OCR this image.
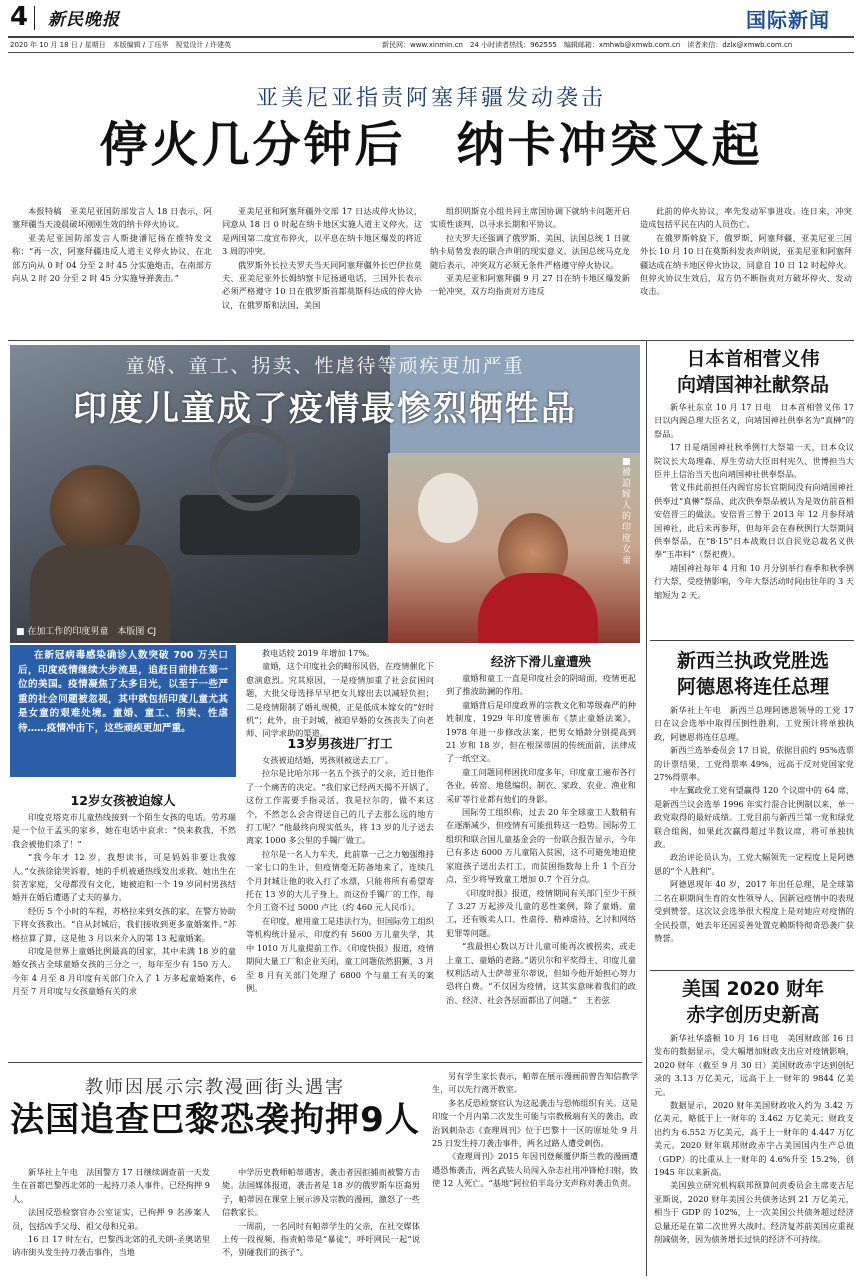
4 新民晚报	国际新闻
2020 年 10 月 18 日 / 星期日　本版编辑 / 丁珏华　视觉设计 / 许建英	新民网：www.xinmin.cn　24 小时读者热线：962555　编辑邮箱：xmhwb@xmwb.com.cn　读者来信：dzlx@xmwb.com.cn
亚美尼亚指责阿塞拜疆发动袭击
停火几分钟后　纳卡冲突又起

本报特稿　亚美尼亚国防部发言人 18 日表示，阿塞拜疆当天凌晨破坏刚刚生效的纳卡停火协议。

亚美尼亚国防部发言人斯捷潘尼扬在推特发文称：“再一次，阿塞拜疆违反人道主义停火协议，在北部方向从 0 时 04 分至 2 时 45 分实施炮击，在南部方向从 2 时 20 分至 2 时 45 分实施导弹袭击。”

亚美尼亚和阿塞拜疆外交部 17 日达成停火协议，同意从 18 日 0 时起在纳卡地区实施人道主义停火。这是两国第二度宣布停火，以平息在纳卡地区爆发的将近 3 周的冲突。

俄罗斯外长拉夫罗夫当天同阿塞拜疆外长巴伊拉莫夫、亚美尼亚外长姆纳察卡尼扬通电话，三国外长表示必须严格遵守 10 日在俄罗斯首都莫斯科达成的停火协议，在俄罗斯和法国、美国

组织明斯克小组共同主席国协调下就纳卡问题开启实质性谈判，以寻求长期和平协议。

拉夫罗夫还强调了俄罗斯、美国、法国总统 1 日就纳卡局势发表的联合声明的现实意义。法国总统马克龙随后表示，冲突双方必须无条件严格遵守停火协议。

亚美尼亚和阿塞拜疆 9 月 27 日在纳卡地区爆发新一轮冲突，双方均指责对方违反

此前的停火协议，率先发动军事进攻。连日来，冲突造成包括平民在内的人员伤亡。

在俄罗斯斡旋下，俄罗斯、阿塞拜疆、亚美尼亚三国外长 10 月 10 日在莫斯科发表声明说，亚美尼亚和阿塞拜疆达成在纳卡地区停火协议，同意自 10 日 12 时起停火。但停火协议生效后，双方仍不断指责对方破坏停火、发动攻击。

童婚、童工、拐卖、性虐待等顽疾更加严重
印度儿童成了疫情最惨烈牺牲品
■ 在加工作的印度男童　本版图 CJ
■ 被迫嫁人的印度女童
在新冠病毒感染确诊人数突破 700 万关口后，印度疫情继续大步流星，追赶目前排在第一位的美国。疫情凝焦了太多目光，以至于一些严重的社会问题被忽视，其中就包括印度儿童尤其是女童的艰难处境。童婚、童工、拐卖、性虐待……疫情冲击下，这些顽疾更加严重。
12岁女孩被迫嫁人

印度克塔克市儿童热线接到一个陌生女孩的电话。劳苏瑞是一个位于孟买的家乡，她在电话中哀求：“快来救我，不然我会被他们杀了！”

“我今年才 12 岁，我想读书，可是妈妈非要让我嫁人。”女孩徐徐哭诉着，她的手机被通热线发出求救。她出生在贫苦家庭，父母都没有文化，她被迫和一个 19 岁同村男孩结婚并在婚后遭遇了丈夫的暴力。

经历 5 个小时的车程，苏格拉来到女孩的家，在警方协助下将女孩救出。“自从封城后，我们接收到更多童婚案件。”苏格拉算了算，这是他 3 月以来介入的第 13 起童婚案。

印度是世界上童婚比例最高的国家，其中未满 18 岁的童婚女孩占全球童婚女孩的三分之一，每年至少有 150 万人。今年 4 月至 8 月印度有关部门介入了 1 万多起童婚案件，6 月至 7 月印度与女孩童婚有关的求

救电话较 2019 年增加 17%。

童婚，这个印度社会的畸形风俗，在疫情催化下愈演愈烈。究其原因，一是疫情加重了社会贫困问题，大批父母选择早早把女儿嫁出去以减轻负担；二是疫情限制了婚礼规模，正是低成本嫁女的“好时机”；此外，由于封城，被迫早婚的女孩丧失了向老师、同学求助的渠道。

13岁男孩进厂打工

女孩被迫结婚，男孩则被送去工厂。

拉尔是比哈尔邦一名五个孩子的父亲，近日他作了一个痛苦的决定。“我们家已经两天揭不开锅了，这份工作需要手指灵活，我是拉尔的，做不来这个，不然怎么会舍得送自己的儿子去那么远的地方打工呢？”他最终向现实低头，将 13 岁的儿子送去离家 1000 多公里的手镯厂做工。

拉尔是一名人力车夫，此前靠一己之力勉强维持一家七口的生计，但疫情毫无防备地来了，连续几个月封城让他的收入打了水漂，只能将所有希望寄托在 13 岁的大儿子身上。而这份手镯厂的工作，每个月工资不过 5000 卢比（约 460 元人民币）。

在印度，雇用童工是违法行为，但国际劳工组织等机构统计显示，印度约有 5600 万儿童失学，其中 1010 万儿童提前工作。《印度快报》报道，疫情期间大量工厂和企业关闭，童工问题依然猖獗，3 月至 8 月有关部门处理了 6800 个与童工有关的案例。

经济下滑儿童遭殃

童婚和童工一直是印度社会的阴暗面，疫情更起到了推波助澜的作用。

童婚背后是印度政界的宗教文化和等级森严的种姓制度，1929 年印度曾颁布《禁止童婚法案》，1978 年进一步修改法案，把男女婚龄分别提高到 21 岁和 18 岁，但在根深蒂固的传统面前，法律成了一纸空文。

童工问题同样困扰印度多年，印度童工遍布各行各业，砖窑、地毯编织、制衣、家政、农业、渔业和采矿等行业都有他们的身影。

国际劳工组织称，过去 20 年全球童工人数稍有在逐渐减少，但疫情有可能扭转这一趋势。国际劳工组织和联合国儿童基金会的一份联合报告显示，今年已有多达 6000 万儿童陷入贫困，这不可避免地迫使家庭孩子送出去打工，而贫困指数每上升 1 个百分点，至少将导致童工增加 0.7 个百分点。

《印度时报》报道，疫情期间有关部门至少干预了 3.27 万起涉及儿童的恶性案例，除了童婚、童工，还有贩卖人口、性虐待、精神虐待、乞讨和网络犯罪等问题。

“我最担心数以万计儿童可能再次被拐卖，或走上童工、童婚的老路。”诺贝尔和平奖得主、印度儿童权利活动人士萨蒂亚尔蒂说，但如今他开始担心努力恐将白费。“不仅因为疫情，这其实意味着我们的政治、经济、社会各层面都出了问题。”　王若弦

教师因展示宗教漫画街头遇害
法国追查巴黎恐袭拘押9人

新华社上午电　法国警方 17 日继续调查前一天发生在首都巴黎西北郊的一起持刀杀人事件，已经拘押 9 人。

法国反恐检察官办公室证实，已拘押 9 名涉案人员，包括凶手父母、祖父母和兄弟。

16 日 17 时左右，巴黎西北郊的孔夫朗-圣奥诺里讷市街头发生持刀袭击事件，当地

中学历史教师帕蒂遇害，袭击者因拒捕而被警方击毙。法国媒体报道，袭击者是 18 岁的俄罗斯车臣裔男子，帕蒂因在课堂上展示涉及宗教的漫画，激怒了一些信教家长。

一周前，一名同时有帕蒂学生的父亲，在社交媒体上传一段视频，指责帕蒂是“暴徒”，呼吁网民一起“说不，别碰我们的孩子”。

另有学生家长表示，帕蒂在展示漫画前曾告知信教学生，可以先行离开教室。

多名反恐检察官认为这起袭击与恐怖组织有关。这是印度一个月内第二次发生可能与宗教极端有关的袭击，政治讽刺杂志《查理周刊》位于巴黎十一区的原址处 9 月 25 日发生持刀袭击事件，两名过路人遭受刺伤。

《查理周刊》2015 年因刊登颠覆伊斯兰教的漫画遭遇恐怖袭击，两名武装人员闯入杂志社用冲锋枪扫射，致使 12 人死亡。“基地”阿拉伯半岛分支声称对袭击负责。

日本首相菅义伟
向靖国神社献祭品

新华社东京 10 月 17 日电　日本首相菅义伟 17 日以内阁总理大臣名义，向靖国神社供奉名为“真榊”的祭品。

17 日是靖国神社秋季例行大祭第一天，日本众议院议长大岛理森、厚生劳动大臣田村宪久、世博担当大臣井上信治当天也向靖国神社供奉祭品。

菅义伟此前担任内阁官房长官期间没有向靖国神社供奉过“真榊”祭品，此次供奉祭品被认为是效仿前首相安倍晋三的做法。安倍晋三曾于 2013 年 12 月参拜靖国神社，此后未再参拜，但每年会在春秋例行大祭期间供奉祭品，在“8·15”日本战败日以自民党总裁名义供奉“玉串料”（祭祀费）。

靖国神社每年 4 月和 10 月分别举行春季和秋季例行大祭，受疫情影响，今年大祭活动时间由往年的 3 天缩短为 2 天。

新西兰执政党胜选
阿德恩将连任总理

新华社上午电　新西兰总理阿德恩领导的工党 17 日在议会选举中取得压倒性胜利，工党预计将单独执政，阿德恩将连任总理。

新西兰选举委员会 17 日说，依据目前约 95%选票的计票结果，工党得票率 49%，远高于反对党国家党 27%得票率。

中左翼政党工党有望赢得 120 个议席中的 64 席，是新西兰议会选举 1996 年实行混合比例制以来，单一政党取得的最好成绩。工党目前与新西兰第一党和绿党联合组阁，如果此次赢得超过半数议席，将可单独执政。

政治评论员认为，工党大幅领先一定程度上是阿德恩的“个人胜利”。

阿德恩现年 40 岁，2017 年出任总理，是全球第二名在职期间生育的女性领导人，因新冠疫情中的表现受到赞誉。这次议会选举很大程度上是对她应对疫情的全民投票，她去年还因妥善处置克赖斯特彻奇恐袭广获赞誉。

美国 2020 财年
赤字创历史新高

新华社华盛顿 10 月 16 日电　美国财政部 16 日发布的数据显示，受大幅增加财政支出应对疫情影响，2020 财年（截至 9 月 30 日）美国财政赤字达到创纪录的 3.13 万亿美元，远高于上一财年的 9844 亿美元。

数据显示，2020 财年美国财政收入约为 3.42 万亿美元，略低于上一财年的 3.462 万亿美元；财政支出约为 6.552 万亿美元，高于上一财年的 4.447 万亿美元。2020 财年联邦财政赤字占美国国内生产总值（GDP）的比重从上一财年的 4.6%升至 15.2%，创 1945 年以来新高。

美国独立研究机构联邦预算问责委员会主席麦吉尼亚斯说，2020 财年美国公共债务达到 21 万亿美元，相当于 GDP 的 102%，上一次美国公共债务超过经济总量还是在第二次世界大战时。经济复苏前美国应重视削减债务，因为债务增长过快的经济不可持续。
